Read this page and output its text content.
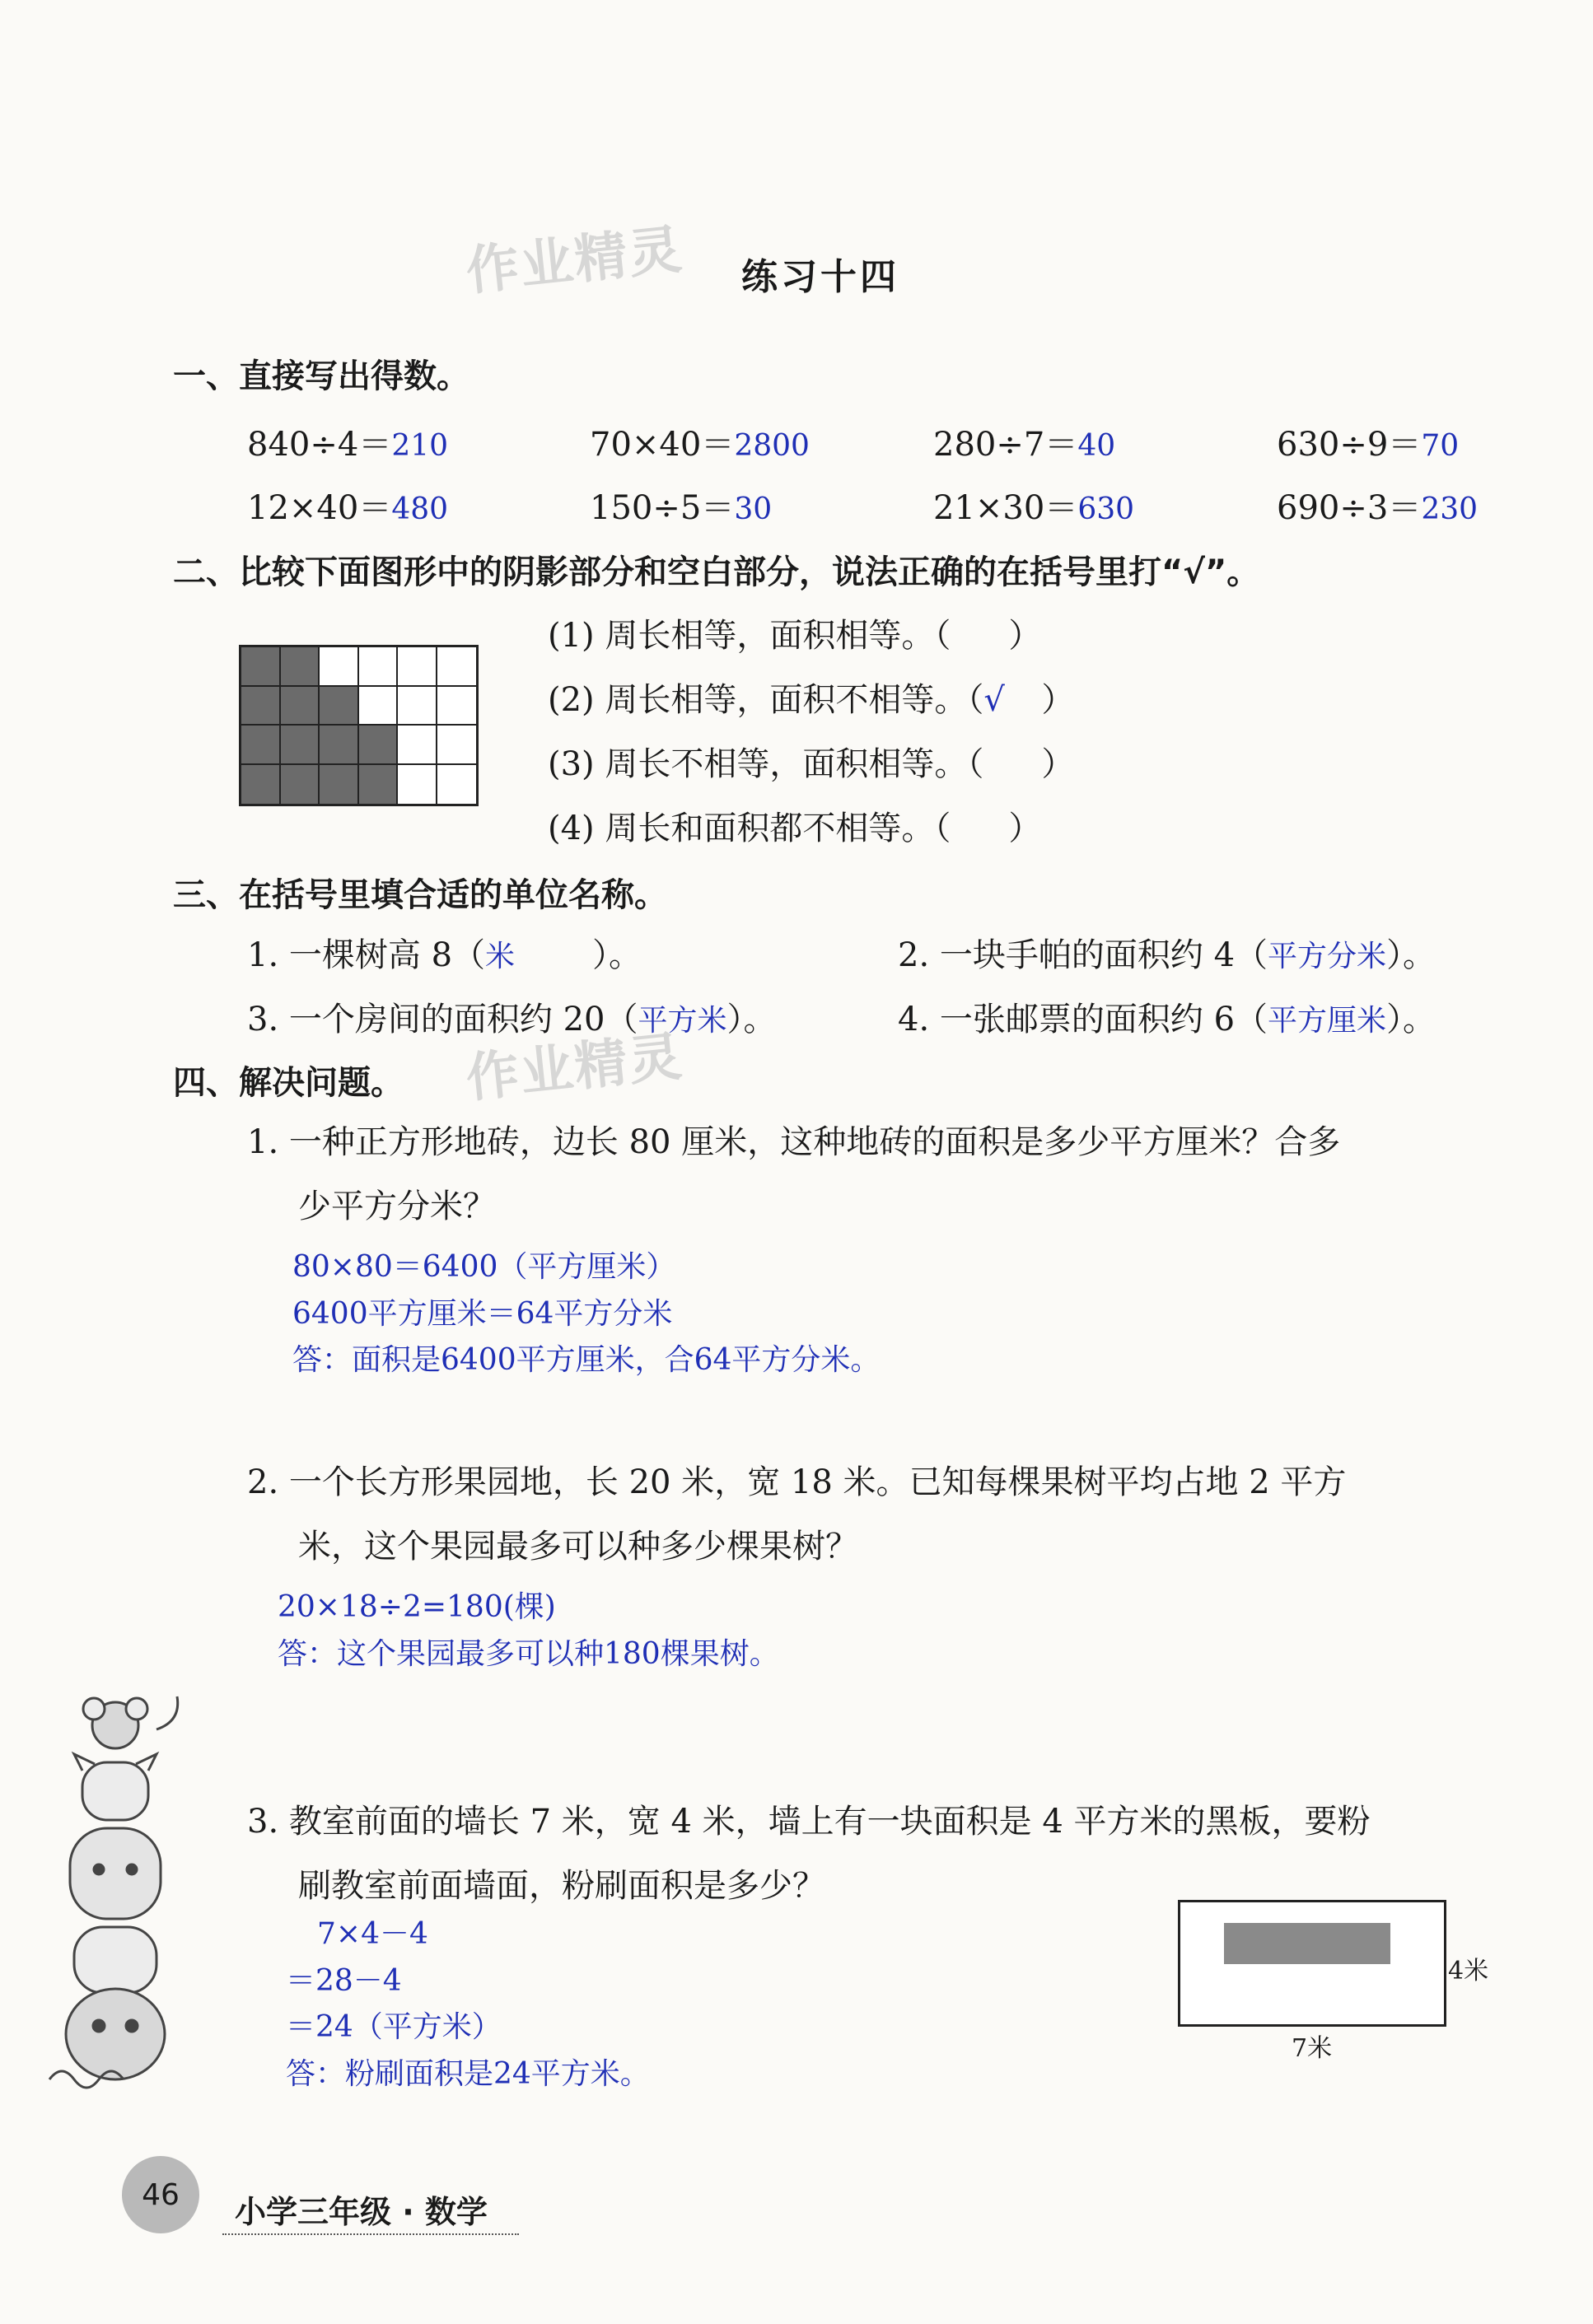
作业精灵
作业精灵
练习十四
一、直接写出得数。
840÷4＝210	70×40＝2800	280÷7＝40	630÷9＝70
12×40＝480	150÷5＝30	21×30＝630	690÷3＝230
二、比较下面图形中的阴影部分和空白部分，说法正确的在括号里打“√”。
(1) 周长相等，面积相等。（ ）
(2) 周长相等，面积不相等。（√ ）
(3) 周长不相等，面积相等。（ ）
(4) 周长和面积都不相等。（ ）
三、在括号里填合适的单位名称。
1. 一棵树高 8（米 ）。	2. 一块手帕的面积约 4（平方分米）。
3. 一个房间的面积约 20（平方米）。	4. 一张邮票的面积约 6（平方厘米）。
四、解决问题。
1. 一种正方形地砖，边长 80 厘米，这种地砖的面积是多少平方厘米？合多
少平方分米？
80×80＝6400（平方厘米）
6400平方厘米＝64平方分米
答：面积是6400平方厘米，合64平方分米。
2. 一个长方形果园地，长 20 米，宽 18 米。已知每棵果树平均占地 2 平方
米，这个果园最多可以种多少棵果树？
20×18÷2=180(棵)
答：这个果园最多可以种180棵果树。
3. 教室前面的墙长 7 米，宽 4 米，墙上有一块面积是 4 平方米的黑板，要粉
刷教室前面墙面，粉刷面积是多少？
7×4－4
＝28－4
＝24（平方米）
答：粉刷面积是24平方米。
4米
7米
46	小学三年级 · 数学
